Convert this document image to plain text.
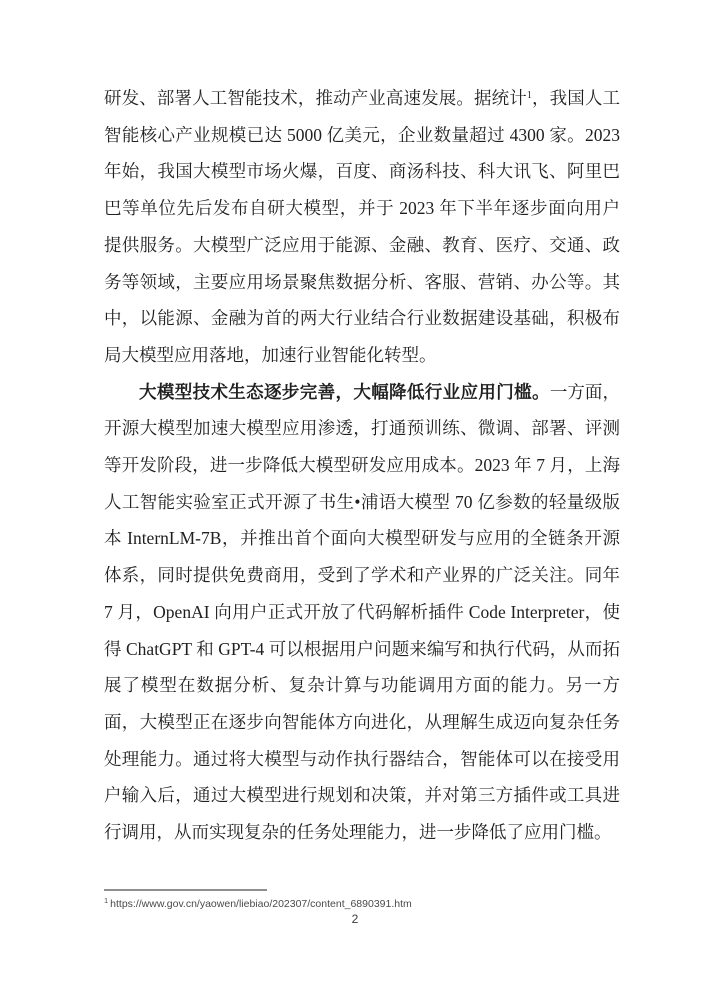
研发、部署人工智能技术，推动产业高速发展。据统计$^1$，我国人工智能核心产业规模已达 5000 亿美元，企业数量超过 4300 家。2023 年始，我国大模型市场火爆，百度、商汤科技、科大讯飞、阿里巴巴等单位先后发布自研大模型，并于 2023 年下半年逐步面向用户提供服务。大模型广泛应用于能源、金融、教育、医疗、交通、政务等领域，主要应用场景聚焦数据分析、客服、营销、办公等。其中，以能源、金融为首的两大行业结合行业数据建设基础，积极布局大模型应用落地，加速行业智能化转型。

大模型技术生态逐步完善，大幅降低行业应用门槛。一方面，开源大模型加速大模型应用渗透，打通预训练、微调、部署、评测等开发阶段，进一步降低大模型研发应用成本。2023 年 7 月，上海人工智能实验室正式开源了书生•浦语大模型 70 亿参数的轻量级版本 InternLM-7B，并推出首个面向大模型研发与应用的全链条开源体系，同时提供免费商用，受到了学术和产业界的广泛关注。同年 7 月，OpenAI 向用户正式开放了代码解析插件 Code Interpreter，使得 ChatGPT 和 GPT-4 可以根据用户问题来编写和执行代码，从而拓展了模型在数据分析、复杂计算与功能调用方面的能力。另一方面，大模型正在逐步向智能体方向进化，从理解生成迈向复杂任务处理能力。通过将大模型与动作执行器结合，智能体可以在接受用户输入后，通过大模型进行规划和决策，并对第三方插件或工具进行调用，从而实现复杂的任务处理能力，进一步降低了应用门槛。

$^1$ https://www.gov.cn/yaowen/liebiao/202307/content_6890391.htm
2
